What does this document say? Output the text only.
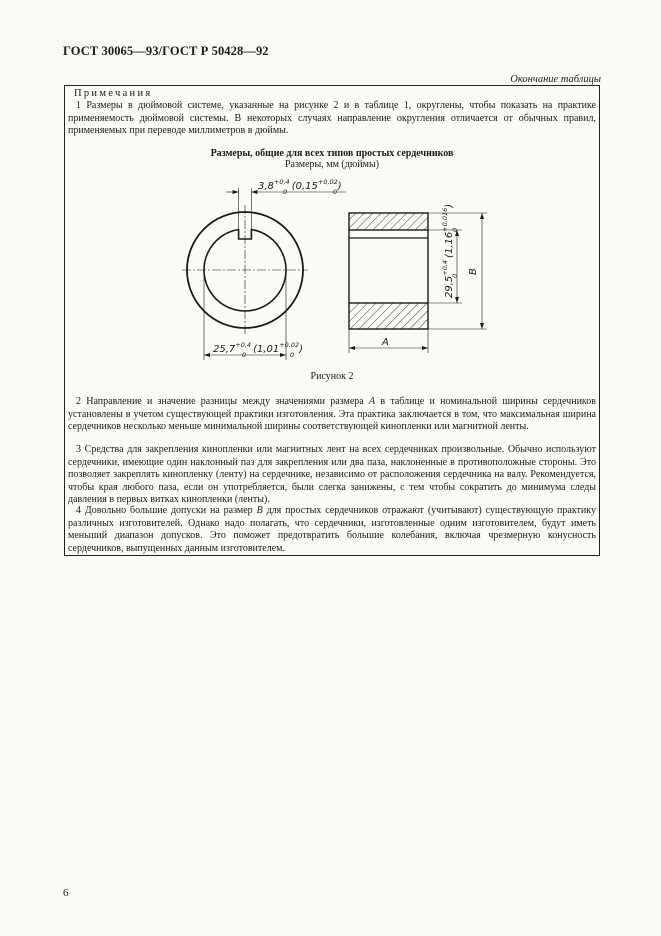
ГОСТ 30065—93/ГОСТ Р 50428—92
Окончание таблицы
Примечания

1 Размеры в дюймовой системе, указанные на рисунке 2 и в таблице 1, округлены, чтобы показать на практике применяемость дюймовой системы. В некоторых случаях направление округления отличается от обычных правил, применяемых при переводе миллиметров в дюймы.

Размеры, общие для всех типов простых сердечников
Размеры, мм (дюймы)
$3,8^{+0,4}$ $_{(0,15}^{+0,02}_)$
0	0
$25,7^{+0,4}$ $_{(1,01}^{+0,02}_)$
0	0
А
В
$29,5^{+0,4}_{(1,16}^{+0,016}_)$
0
0
Рисунок 2

2 Направление и значение разницы между значениями размера А в таблице и номинальной ширины сердечников установлены в учетом существующей практики изготовления. Эта практика заключается в том, что максимальная ширина сердечников несколько меньше минимальной ширины соответствующей кинопленки или магнитной ленты.

3 Средства для закрепления кинопленки или магнитных лент на всех сердечниках произвольные. Обычно используют сердечники, имеющие один наклонный паз для закрепления или два паза, наклоненные в противоположные стороны. Это позволяет закреплять кинопленку (ленту) на сердечнике, независимо от расположения сердечника на валу. Рекомендуется, чтобы края любого паза, если он употребляется, были слегка занижены, с тем чтобы сократить до минимума следы давления в первых витках кинопленки (ленты).

4 Довольно большие допуски на размер В для простых сердечников отражают (учитывают) существующую практику различных изготовителей. Однако надо полагать, что сердечники, изготовленные одним изготовителем, будут иметь меньший диапазон допусков. Это поможет предотвратить большие колебания, включая чрезмерную конусность сердечников, выпущенных данным изготовителем.

6
